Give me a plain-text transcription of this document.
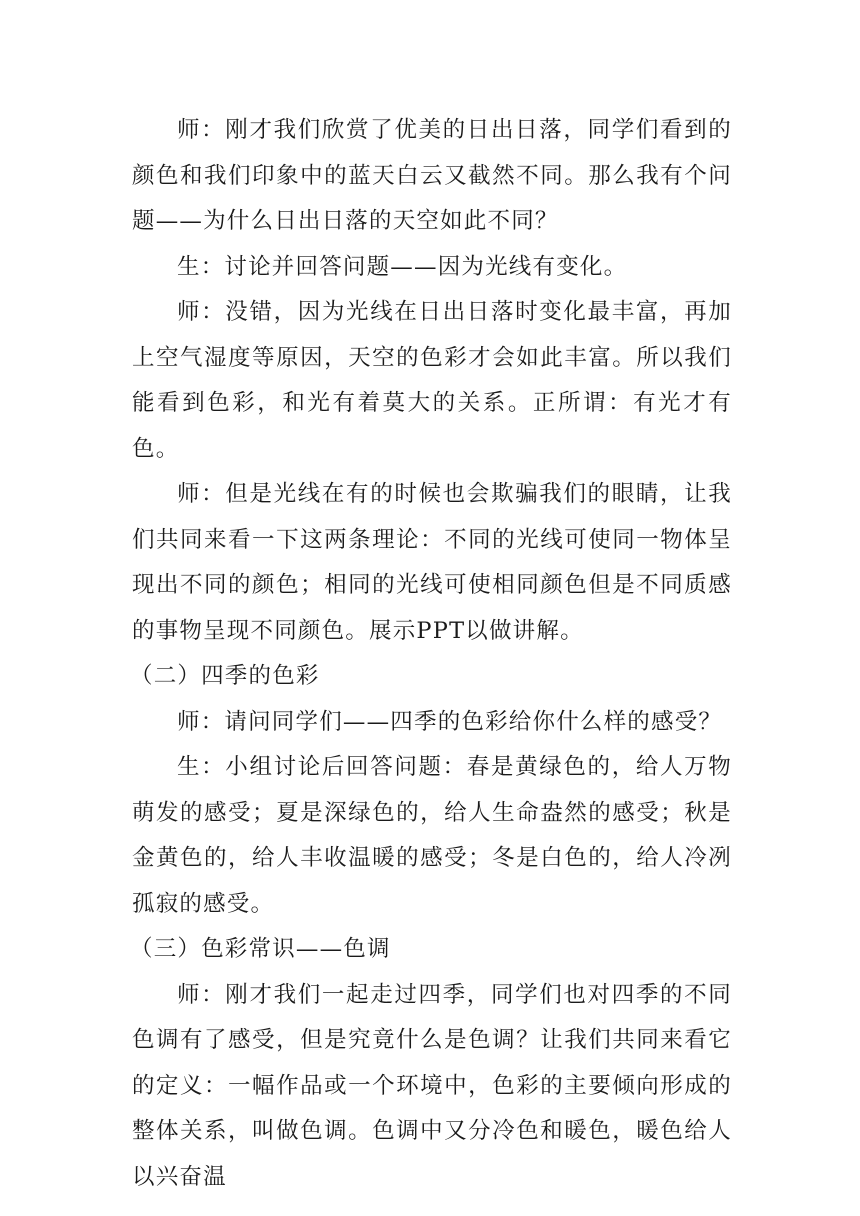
师：刚才我们欣赏了优美的日出日落，同学们看到的颜色和我们印象中的蓝天白云又截然不同。那么我有个问题——为什么日出日落的天空如此不同？

生：讨论并回答问题——因为光线有变化。

师：没错，因为光线在日出日落时变化最丰富，再加上空气湿度等原因，天空的色彩才会如此丰富。所以我们能看到色彩，和光有着莫大的关系。正所谓：有光才有色。

师：但是光线在有的时候也会欺骗我们的眼睛，让我们共同来看一下这两条理论：不同的光线可使同一物体呈现出不同的颜色；相同的光线可使相同颜色但是不同质感的事物呈现不同颜色。展示PPT以做讲解。

（二）四季的色彩

师：请问同学们——四季的色彩给你什么样的感受？

生：小组讨论后回答问题：春是黄绿色的，给人万物萌发的感受；夏是深绿色的，给人生命盎然的感受；秋是金黄色的，给人丰收温暖的感受；冬是白色的，给人冷冽孤寂的感受。

（三）色彩常识——色调

师：刚才我们一起走过四季，同学们也对四季的不同色调有了感受，但是究竟什么是色调？让我们共同来看它的定义：一幅作品或一个环境中，色彩的主要倾向形成的整体关系，叫做色调。色调中又分冷色和暖色，暖色给人以兴奋温
